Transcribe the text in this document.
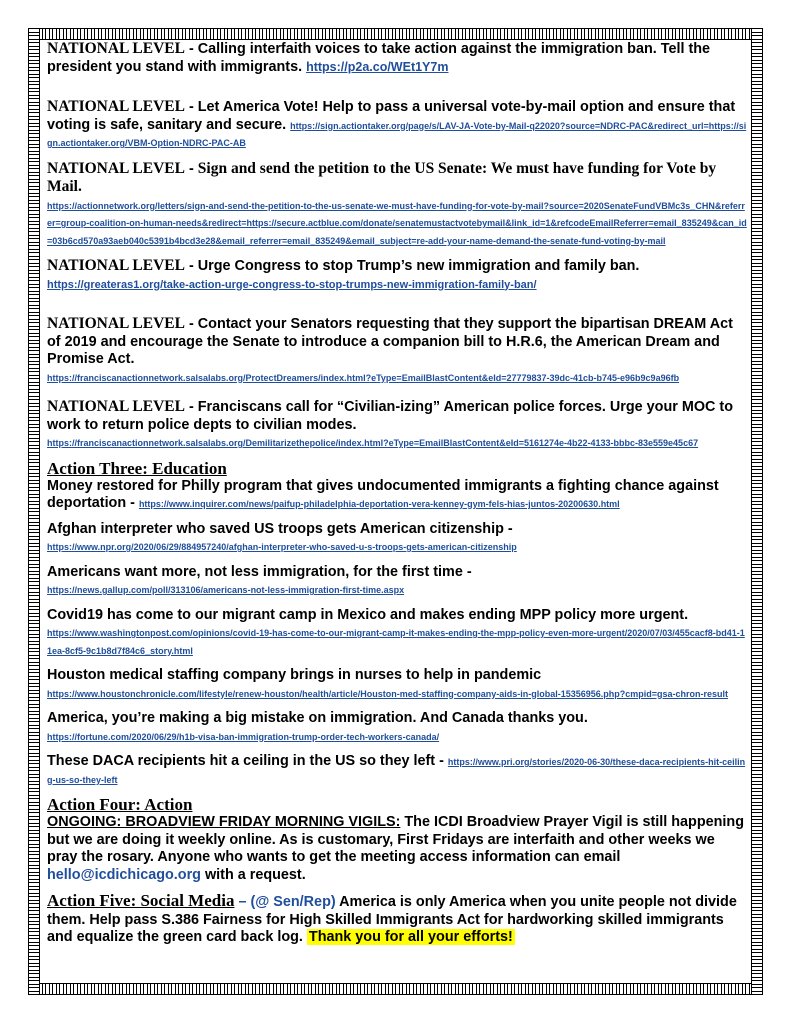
NATIONAL LEVEL - Calling interfaith voices to take action against the immigration ban. Tell the president you stand with immigrants. https://p2a.co/WEt1Y7m
NATIONAL LEVEL - Let America Vote! Help to pass a universal vote-by-mail option and ensure that voting is safe, sanitary and secure. https://sign.actiontaker.org/page/s/LAV-JA-Vote-by-Mail-q22020?source=NDRC-PAC&redirect_url=https://sign.actiontaker.org/VBM-Option-NDRC-PAC-AB
NATIONAL LEVEL - Sign and send the petition to the US Senate: We must have funding for Vote by Mail.
https://actionnetwork.org/letters/sign-and-send-the-petition-to-the-us-senate-we-must-have-funding-for-vote-by-mail?source=2020SenateFundVBMc3s_CHN&referrer=group-coalition-on-human-needs&redirect=https://secure.actblue.com/donate/senatemustactvotebymail&link_id=1&refcodeEmailReferrer=email_835249&can_id=03b6cd570a93aeb040c5391b4bcd3e28&email_referrer=email_835249&email_subject=re-add-your-name-demand-the-senate-fund-voting-by-mail
NATIONAL LEVEL - Urge Congress to stop Trump’s new immigration and family ban.
https://greateras1.org/take-action-urge-congress-to-stop-trumps-new-immigration-family-ban/
NATIONAL LEVEL - Contact your Senators requesting that they support the bipartisan DREAM Act of 2019 and encourage the Senate to introduce a companion bill to H.R.6, the American Dream and Promise Act.
https://franciscanactionnetwork.salsalabs.org/ProtectDreamers/index.html?eType=EmailBlastContent&eId=27779837-39dc-41cb-b745-e96b9c9a96fb
NATIONAL LEVEL - Franciscans call for “Civilian-izing” American police forces. Urge your MOC to work to return police depts to civilian modes.
https://franciscanactionnetwork.salsalabs.org/Demilitarizethepolice/index.html?eType=EmailBlastContent&eId=5161274e-4b22-4133-bbbc-83e559e45c67
Action Three: Education
Money restored for Philly program that gives undocumented immigrants a fighting chance against deportation - https://www.inquirer.com/news/paifup-philadelphia-deportation-vera-kenney-gym-fels-hias-juntos-20200630.html
Afghan interpreter who saved US troops gets American citizenship -
https://www.npr.org/2020/06/29/884957240/afghan-interpreter-who-saved-u-s-troops-gets-american-citizenship
Americans want more, not less immigration, for the first time -
https://news.gallup.com/poll/313106/americans-not-less-immigration-first-time.aspx
Covid19 has come to our migrant camp in Mexico and makes ending MPP policy more urgent.
https://www.washingtonpost.com/opinions/covid-19-has-come-to-our-migrant-camp-it-makes-ending-the-mpp-policy-even-more-urgent/2020/07/03/455cacf8-bd41-11ea-8cf5-9c1b8d7f84c6_story.html
Houston medical staffing company brings in nurses to help in pandemic
https://www.houstonchronicle.com/lifestyle/renew-houston/health/article/Houston-med-staffing-company-aids-in-global-15356956.php?cmpid=gsa-chron-result
America, you’re making a big mistake on immigration. And Canada thanks you.
https://fortune.com/2020/06/29/h1b-visa-ban-immigration-trump-order-tech-workers-canada/
These DACA recipients hit a ceiling in the US so they left - https://www.pri.org/stories/2020-06-30/these-daca-recipients-hit-ceiling-us-so-they-left
Action Four: Action
ONGOING: BROADVIEW FRIDAY MORNING VIGILS: The ICDI Broadview Prayer Vigil is still happening but we are doing it weekly online. As is customary, First Fridays are interfaith and other weeks we pray the rosary. Anyone who wants to get the meeting access information can email hello@icdichicago.org with a request.
Action Five: Social Media – (@ Sen/Rep) America is only America when you unite people not divide them. Help pass S.386 Fairness for High Skilled Immigrants Act for hardworking skilled immigrants and equalize the green card back log. Thank you for all your efforts!
